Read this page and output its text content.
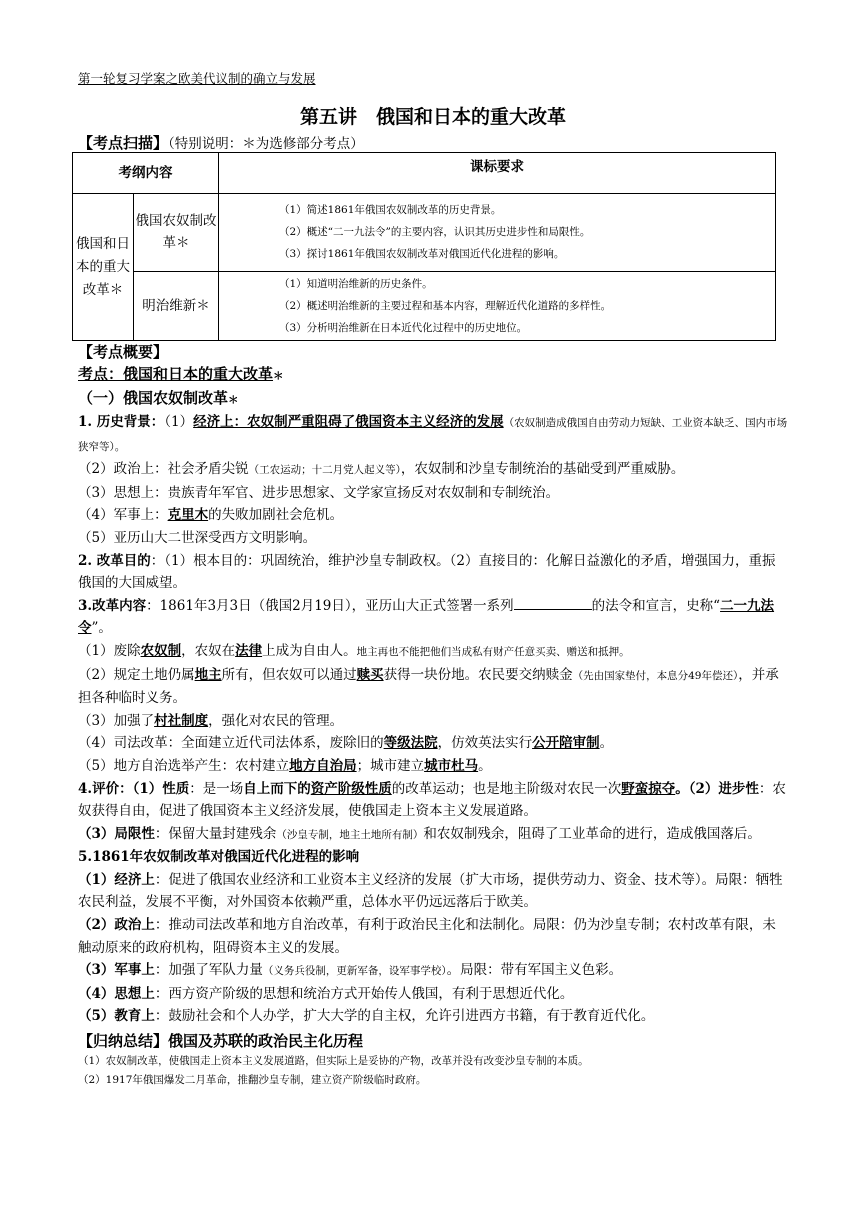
第一轮复习学案之欧美代议制的确立与发展
第五讲　俄国和日本的重大改革
【考点扫描】（特别说明：＊为选修部分考点）
考纲内容		课标要求
俄国和日本的重大改革＊	俄国农奴制改革＊	（1）简述1861年俄国农奴制改革的历史背景。
（2）概述“二一九法令”的主要内容，认识其历史进步性和局限性。
（3）探讨1861年俄国农奴制改革对俄国近代化进程的影响。

	明治维新＊	（1）知道明治维新的历史条件。
（2）概述明治维新的主要过程和基本内容，理解近代化道路的多样性。
（3）分析明治维新在日本近代化过程中的历史地位。
【考点概要】
考点：俄国和日本的重大改革＊
（一）俄国农奴制改革＊
1. 历史背景：（1）经济上：农奴制严重阻碍了俄国资本主义经济的发展（农奴制造成俄国自由劳动力短缺、工业资本缺乏、国内市场狭窄等）。
（2）政治上：社会矛盾尖锐（工农运动；十二月党人起义等），农奴制和沙皇专制统治的基础受到严重威胁。
（3）思想上：贵族青年军官、进步思想家、文学家宣扬反对农奴制和专制统治。
（4）军事上：克里木的失败加剧社会危机。
（5）亚历山大二世深受西方文明影响。
2. 改革目的：（1）根本目的：巩固统治，维护沙皇专制政权。（2）直接目的：化解日益激化的矛盾，增强国力，重振俄国的大国威望。
3.改革内容：1861年3月3日（俄国2月19日），亚历山大正式签署一系列	的法令和宣言，史称“二一九法令”。
（1）废除农奴制，农奴在法律上成为自由人。地主再也不能把他们当成私有财产任意买卖、赠送和抵押。
（2）规定土地仍属地主所有，但农奴可以通过赎买获得一块份地。农民要交纳赎金（先由国家垫付，本息分49年偿还），并承担各种临时义务。
（3）加强了村社制度，强化对农民的管理。
（4）司法改革：全面建立近代司法体系，废除旧的等级法院，仿效英法实行公开陪审制。
（5）地方自治选举产生：农村建立地方自治局；城市建立城市杜马。
4.评价：（1）性质：是一场自上而下的资产阶级性质的改革运动；也是地主阶级对农民一次野蛮掠夺。（2）进步性：农奴获得自由，促进了俄国资本主义经济发展，使俄国走上资本主义发展道路。
（3）局限性：保留大量封建残余（沙皇专制，地主土地所有制）和农奴制残余，阻碍了工业革命的进行，造成俄国落后。
5.1861年农奴制改革对俄国近代化进程的影响
（1）经济上：促进了俄国农业经济和工业资本主义经济的发展（扩大市场，提供劳动力、资金、技术等）。局限：牺牲农民利益，发展不平衡，对外国资本依赖严重，总体水平仍远远落后于欧美。
（2）政治上：推动司法改革和地方自治改革，有利于政治民主化和法制化。局限：仍为沙皇专制；农村改革有限，未触动原来的政府机构，阻碍资本主义的发展。
（3）军事上：加强了军队力量（义务兵役制，更新军备，设军事学校）。局限：带有军国主义色彩。
（4）思想上：西方资产阶级的思想和统治方式开始传人俄国，有利于思想近代化。
（5）教育上：鼓励社会和个人办学，扩大大学的自主权，允许引进西方书籍，有于教育近代化。
【归纳总结】俄国及苏联的政治民主化历程
（1）农奴制改革，使俄国走上资本主义发展道路，但实际上是妥协的产物，改革并没有改变沙皇专制的本质。
（2）1917年俄国爆发二月革命，推翻沙皇专制，建立资产阶级临时政府。
